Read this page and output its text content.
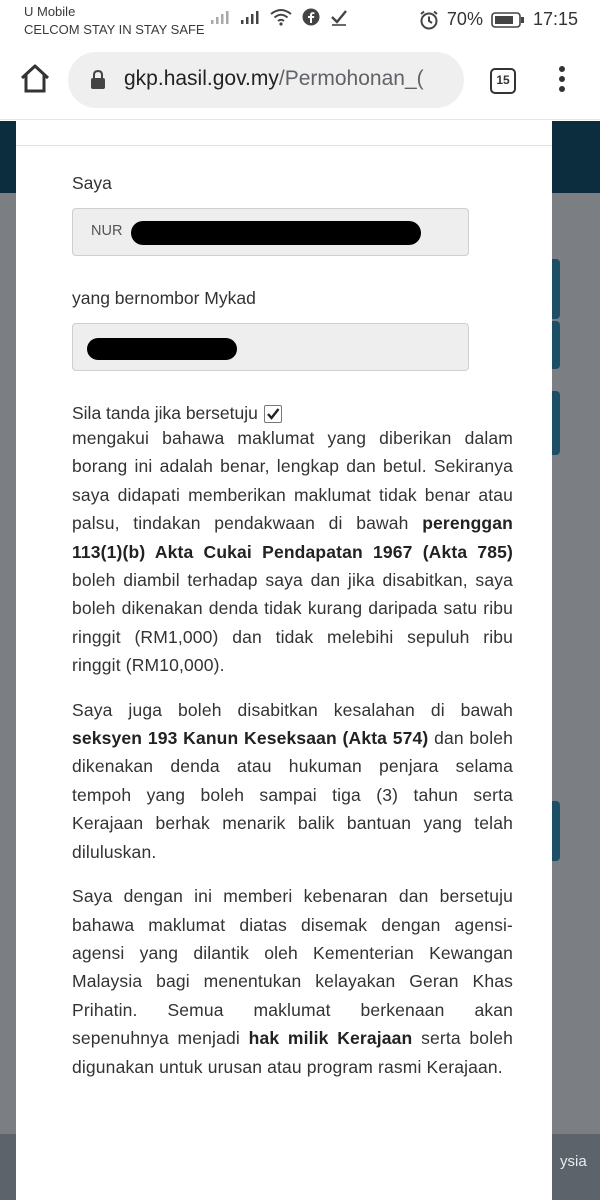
U Mobile
CELCOM STAY IN STAY SAFE
70%	17:15
gkp.hasil.gov.my/Permohonan_(	15
ysia
Saya
NUR
yang bernombor Mykad
Sila tanda jika bersetuju

mengakui bahawa maklumat yang diberikan dalam borang ini adalah benar, lengkap dan betul. Sekiranya saya didapati memberikan maklumat tidak benar atau palsu, tindakan pendakwaan di bawah perenggan 113(1)(b) Akta Cukai Pendapatan 1967 (Akta 785) boleh diambil terhadap saya dan jika disabitkan, saya boleh dikenakan denda tidak kurang daripada satu ribu ringgit (RM1,000) dan tidak melebihi sepuluh ribu ringgit (RM10,000).

Saya juga boleh disabitkan kesalahan di bawah seksyen 193 Kanun Keseksaan (Akta 574) dan boleh dikenakan denda atau hukuman penjara selama tempoh yang boleh sampai tiga (3) tahun serta Kerajaan berhak menarik balik bantuan yang telah diluluskan.

Saya dengan ini memberi kebenaran dan bersetuju bahawa maklumat diatas disemak dengan agensi-agensi yang dilantik oleh Kementerian Kewangan Malaysia bagi menentukan kelayakan Geran Khas Prihatin. Semua maklumat berkenaan akan sepenuhnya menjadi hak milik Kerajaan serta boleh digunakan untuk urusan atau program rasmi Kerajaan.
